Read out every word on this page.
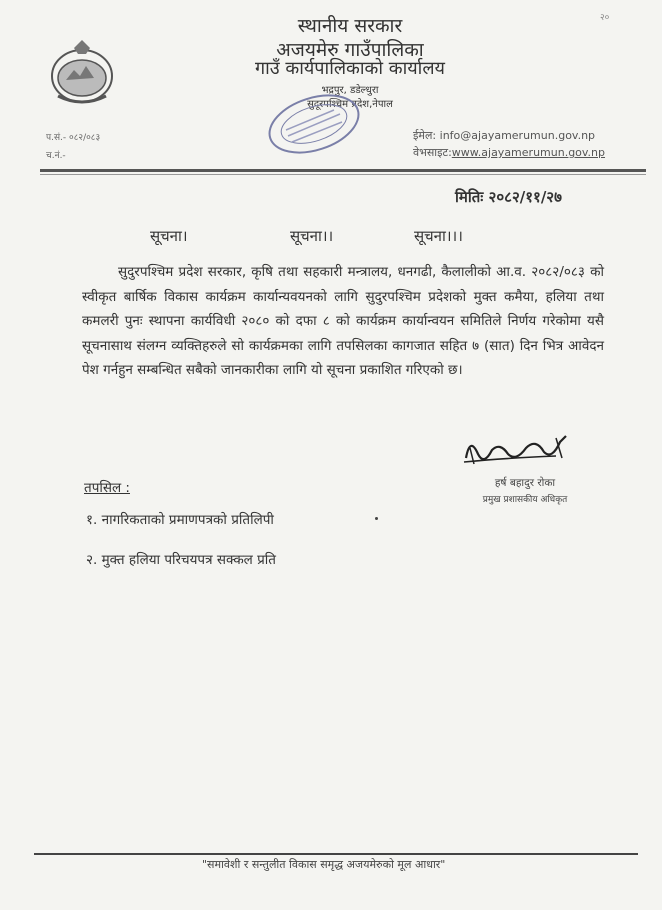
२०
स्थानीय सरकार
अजयमेरु गाउँपालिका
गाउँ कार्यपालिकाको कार्यालय
भद्रपुर, डडेल्धुरा
सुदूरपश्चिम प्रदेश,नेपाल
प.सं.- ०८२/०८३
च.नं.-
ईमेल: info@ajayamerumun.gov.np
वेभसाइट:www.ajayamerumun.gov.np
मितिः २०८२/११/२७
सूचना।	सूचना।।	सूचना।।।
सुदुरपश्चिम प्रदेश सरकार, कृषि तथा सहकारी मन्त्रालय, धनगढी, कैलालीको आ.व. २०८२/०८३ को स्वीकृत बार्षिक विकास कार्यक्रम कार्यान्यवयनको लागि सुदुरपश्चिम प्रदेशको मुक्त कमैया, हलिया तथा कमलरी पुनः स्थापना कार्यविधी २०८० को दफा ८ को कार्यक्रम कार्यान्वयन समितिले निर्णय गरेकोमा यसै सूचनासाथ संलग्न व्यक्तिहरुले सो कार्यक्रमका लागि तपसिलका कागजात सहित ७ (सात) दिन भित्र आवेदन पेश गर्नहुन सम्बन्धित सबैको जानकारीका लागि यो सूचना प्रकाशित गरिएको छ।
हर्ष बहादुर रोका
प्रमुख प्रशासकीय अधिकृत
तपसिल :
१. नागरिकताको प्रमाणपत्रको प्रतिलिपी
२. मुक्त हलिया परिचयपत्र सक्कल प्रति
"समावेशी र सन्तुलीत विकास समृद्ध अजयमेरुको मूल आधार"
